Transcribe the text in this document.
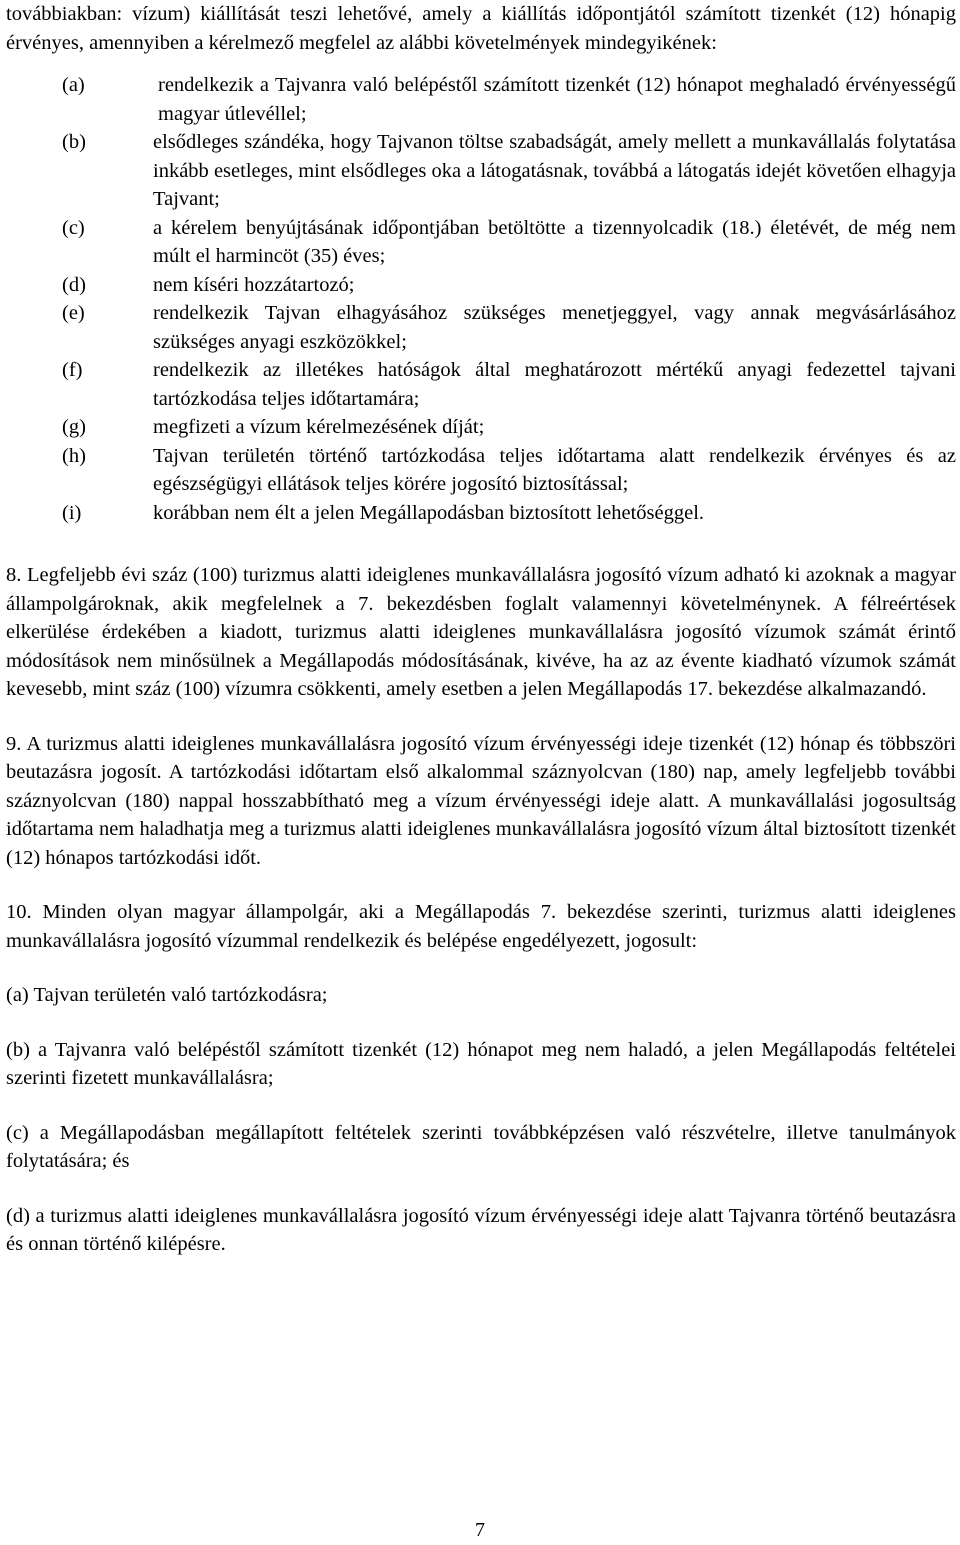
továbbiakban: vízum) kiállítását teszi lehetővé, amely a kiállítás időpontjától számított tizenkét (12) hónapig érvényes, amennyiben a kérelmező megfelel az alábbi követelmények mindegyikének:

(a)	rendelkezik a Tajvanra való belépéstől számított tizenkét (12) hónapot meghaladó érvényességű magyar útlevéllel;
(b)	elsődleges szándéka, hogy Tajvanon töltse szabadságát, amely mellett a munkavállalás folytatása inkább esetleges, mint elsődleges oka a látogatásnak, továbbá a látogatás idejét követően elhagyja Tajvant;
(c)	a kérelem benyújtásának időpontjában betöltötte a tizennyolcadik (18.) életévét, de még nem múlt el harmincöt (35) éves;
(d)	nem kíséri hozzátartozó;
(e)	rendelkezik Tajvan elhagyásához szükséges menetjeggyel, vagy annak megvásárlásához szükséges anyagi eszközökkel;
(f)	rendelkezik az illetékes hatóságok által meghatározott mértékű anyagi fedezettel tajvani tartózkodása teljes időtartamára;
(g)	megfizeti a vízum kérelmezésének díját;
(h)	Tajvan területén történő tartózkodása teljes időtartama alatt rendelkezik érvényes és az egészségügyi ellátások teljes körére jogosító biztosítással;
(i)	korábban nem élt a jelen Megállapodásban biztosított lehetőséggel.

8. Legfeljebb évi száz (100) turizmus alatti ideiglenes munkavállalásra jogosító vízum adható ki azoknak a magyar állampolgároknak, akik megfelelnek a 7. bekezdésben foglalt valamennyi követelménynek. A félreértések elkerülése érdekében a kiadott, turizmus alatti ideiglenes munkavállalásra jogosító vízumok számát érintő módosítások nem minősülnek a Megállapodás módosításának, kivéve, ha az az évente kiadható vízumok számát kevesebb, mint száz (100) vízumra csökkenti, amely esetben a jelen Megállapodás 17. bekezdése alkalmazandó.

9. A turizmus alatti ideiglenes munkavállalásra jogosító vízum érvényességi ideje tizenkét (12) hónap és többszöri beutazásra jogosít. A tartózkodási időtartam első alkalommal száznyolcvan (180) nap, amely legfeljebb további száznyolcvan (180) nappal hosszabbítható meg a vízum érvényességi ideje alatt. A munkavállalási jogosultság időtartama nem haladhatja meg a turizmus alatti ideiglenes munkavállalásra jogosító vízum által biztosított tizenkét (12) hónapos tartózkodási időt.

10. Minden olyan magyar állampolgár, aki a Megállapodás 7. bekezdése szerinti, turizmus alatti ideiglenes munkavállalásra jogosító vízummal rendelkezik és belépése engedélyezett, jogosult:

(a) Tajvan területén való tartózkodásra;

(b) a Tajvanra való belépéstől számított tizenkét (12) hónapot meg nem haladó, a jelen Megállapodás feltételei szerinti fizetett munkavállalásra;

(c) a Megállapodásban megállapított feltételek szerinti továbbképzésen való részvételre, illetve tanulmányok folytatására; és

(d) a turizmus alatti ideiglenes munkavállalásra jogosító vízum érvényességi ideje alatt Tajvanra történő beutazásra és onnan történő kilépésre.

7
